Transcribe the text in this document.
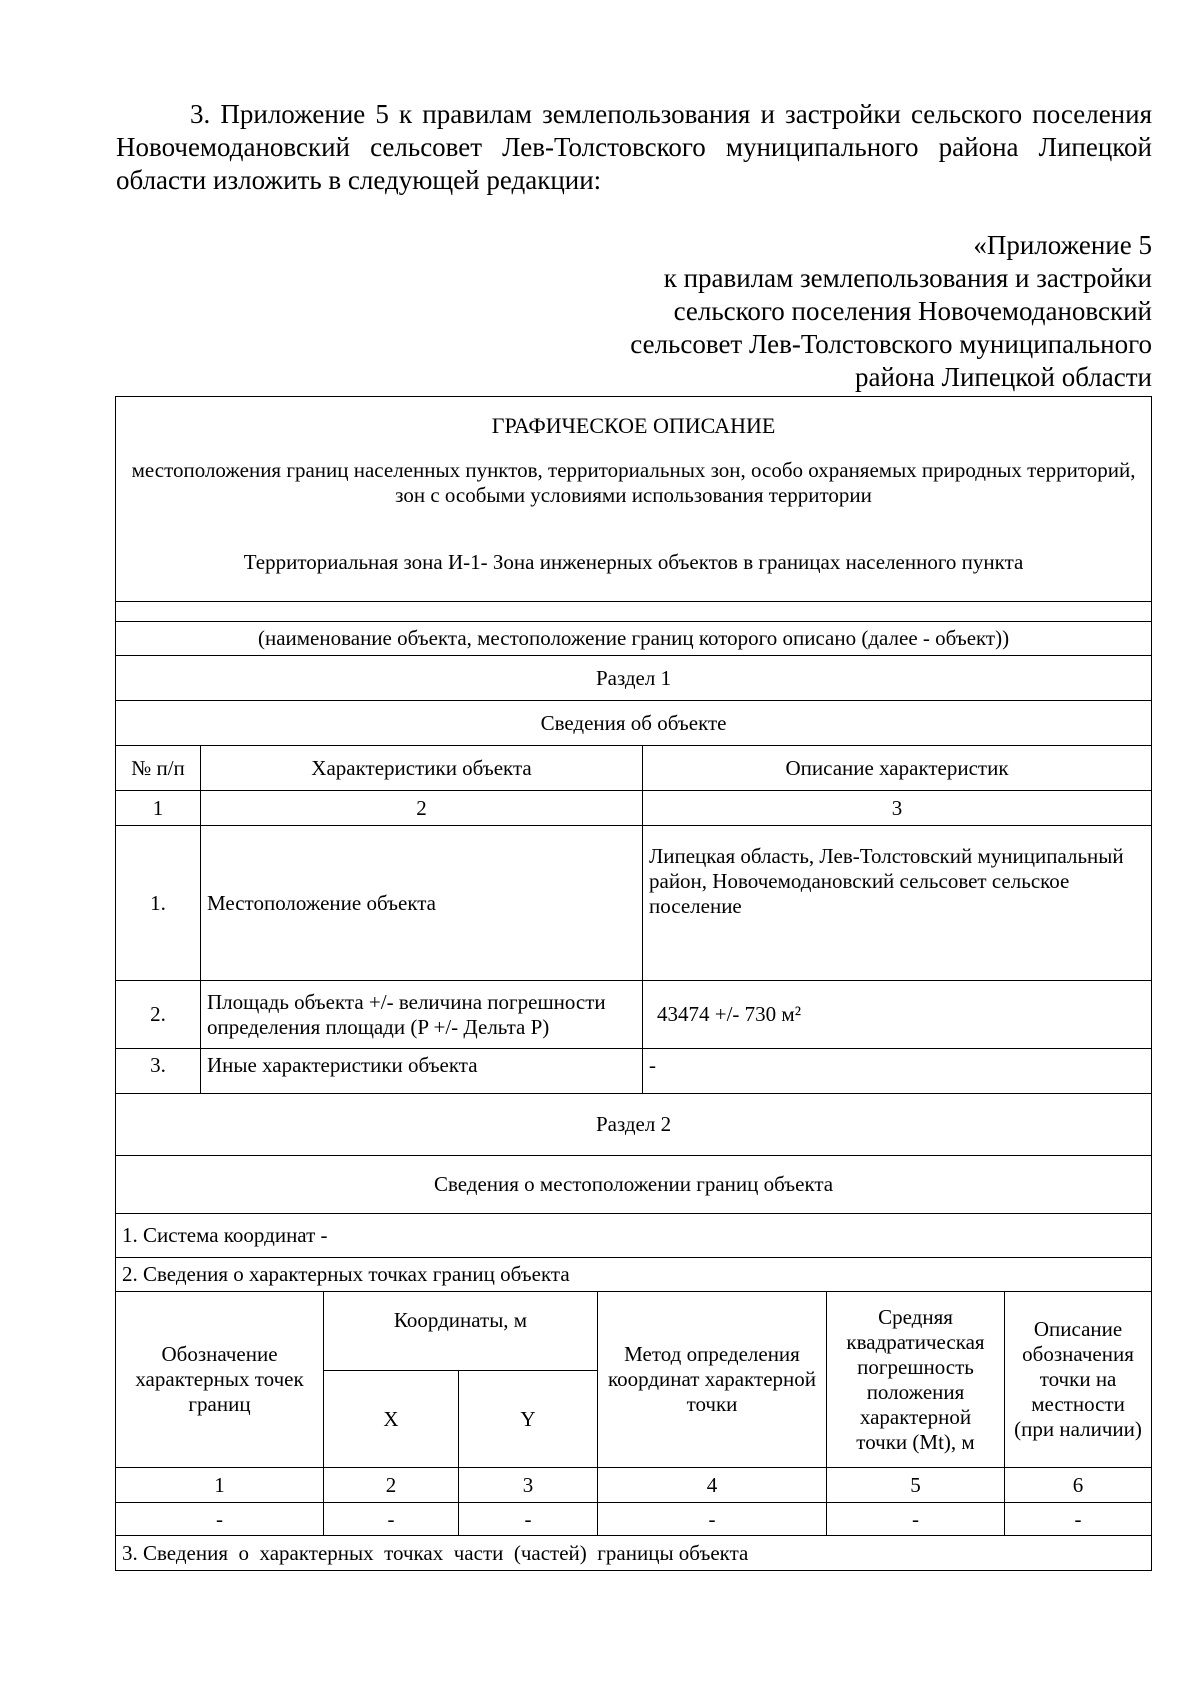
3. Приложение 5 к правилам землепользования и застройки сельского поселения Новочемодановский сельсовет Лев-Толстовского муниципального района Липецкой области изложить в следующей редакции:
«Приложение 5
к правилам землепользования и застройки
сельского поселения Новочемодановский
сельсовет Лев-Толстовского муниципального
района Липецкой области
ГРАФИЧЕСКОЕ ОПИСАНИЕ
местоположения границ населенных пунктов, территориальных зон, особо охраняемых природных территорий, зон с особыми условиями использования территории
Территориальная зона И-1- Зона инженерных объектов в границах населенного пункта							

(наименование объекта, местоположение границ которого описано (далее - объект))							
Раздел 1							
Сведения об объекте							
№ п/п	Характеристики объекта				Описание характеристик		
1	2				3		
1.	Местоположение объекта				Липецкая область, Лев-Толстовский муниципальный район, Новочемодановский сельсовет сельское поселение		
2.	Площадь объекта +/- величина погрешности определения площади (P +/- Дельта P)				43474 +/- 730 м²		
3.	Иные характеристики объекта				-		
Раздел 2							
Сведения о местоположении границ объекта							
1. Система координат -							
2. Сведения о характерных точках границ объекта							
Обозначение характерных точек границ		Координаты, м		Метод определения координат характерной точки		Средняя квадратическая погрешность положения характерной точки (Mt), м	Описание обозначения точки на местности (при наличии)
		X	Y				
1		2	3	4		5	6
-		-	-	-		-	-
3. Сведения  о  характерных  точках  части  (частей)  границы объекта							
